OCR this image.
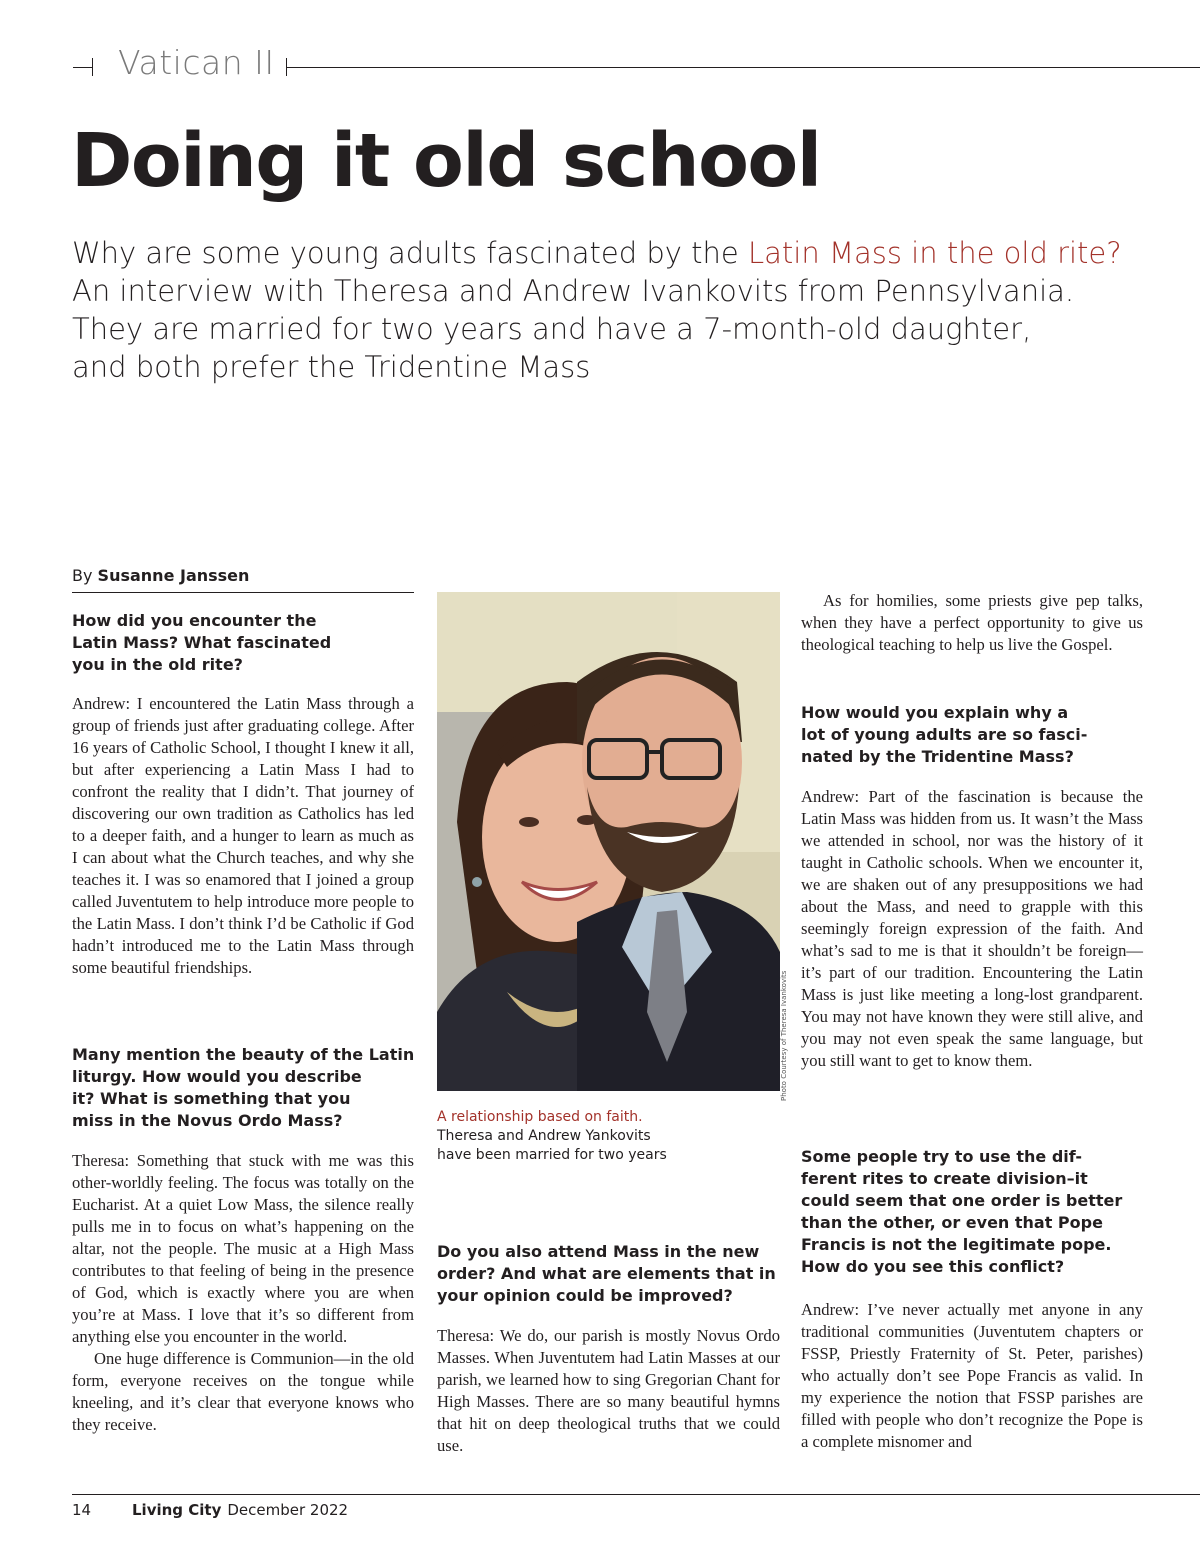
Vatican II
Doing it old school
Why are some young adults fascinated by the Latin Mass in the old rite?
An interview with Theresa and Andrew Ivankovits from Pennsylvania.
They are married for two years and have a 7-month-old daughter,
and both prefer the Tridentine Mass
By Susanne Janssen
How did you encounter the
Latin Mass? What fascinated
you in the old rite?

Andrew: I encountered the Latin Mass through a group of friends just after graduating college. After 16 years of Catholic School, I thought I knew it all, but after experiencing a Latin Mass I had to confront the reality that I didn’t. That journey of discovering our own tradition as Catholics has led to a deeper faith, and a hunger to learn as much as I can about what the Church teaches, and why she teaches it. I was so enamored that I joined a group called Juventutem to help introduce more people to the Latin Mass. I don’t think I’d be Catholic if God hadn’t introduced me to the Latin Mass through some beautiful friendships.

Many mention the beauty of the Latin
liturgy. How would you describe
it? What is something that you
miss in the Novus Ordo Mass?

Theresa: Something that stuck with me was this other-worldly feeling. The focus was totally on the Eucharist. At a quiet Low Mass, the silence really pulls me in to focus on what’s happening on the altar, not the people. The music at a High Mass contributes to that feeling of being in the presence of God, which is exactly where you are when you’re at Mass. I love that it’s so different from anything else you encounter in the world.

One huge difference is Communion—in the old form, everyone receives on the tongue while kneeling, and it’s clear that everyone knows who they receive.

Photo Courtesy of Theresa Ivankovits
A relationship based on faith.
Theresa and Andrew Yankovits
have been married for two years
Do you also attend Mass in the new
order? And what are elements that in
your opinion could be improved?

Theresa: We do, our parish is mostly Novus Ordo Masses. When Juventutem had Latin Masses at our parish, we learned how to sing Gregorian Chant for High Masses. There are so many beautiful hymns that hit on deep theological truths that we could use.

As for homilies, some priests give pep talks, when they have a perfect opportunity to give us theological teaching to help us live the Gospel.

How would you explain why a
lot of young adults are so fasci-
nated by the Tridentine Mass?

Andrew: Part of the fascination is because the Latin Mass was hidden from us. It wasn’t the Mass we attended in school, nor was the history of it taught in Catholic schools. When we encounter it, we are shaken out of any presuppositions we had about the Mass, and need to grapple with this seemingly foreign expression of the faith. And what’s sad to me is that it shouldn’t be foreign—it’s part of our tradition. Encountering the Latin Mass is just like meeting a long-lost grandparent. You may not have known they were still alive, and you may not even speak the same language, but you still want to get to know them.

Some people try to use the dif-
ferent rites to create division–it
could seem that one order is better
than the other, or even that Pope
Francis is not the legitimate pope.
How do you see this conflict?

Andrew: I’ve never actually met anyone in any traditional communities (Juventutem chapters or FSSP, Priestly Fraternity of St. Peter, parishes) who actually don’t see Pope Francis as valid. In my experience the notion that FSSP parishes are filled with people who don’t recognize the Pope is a complete misnomer and

14	Living City December 2022
